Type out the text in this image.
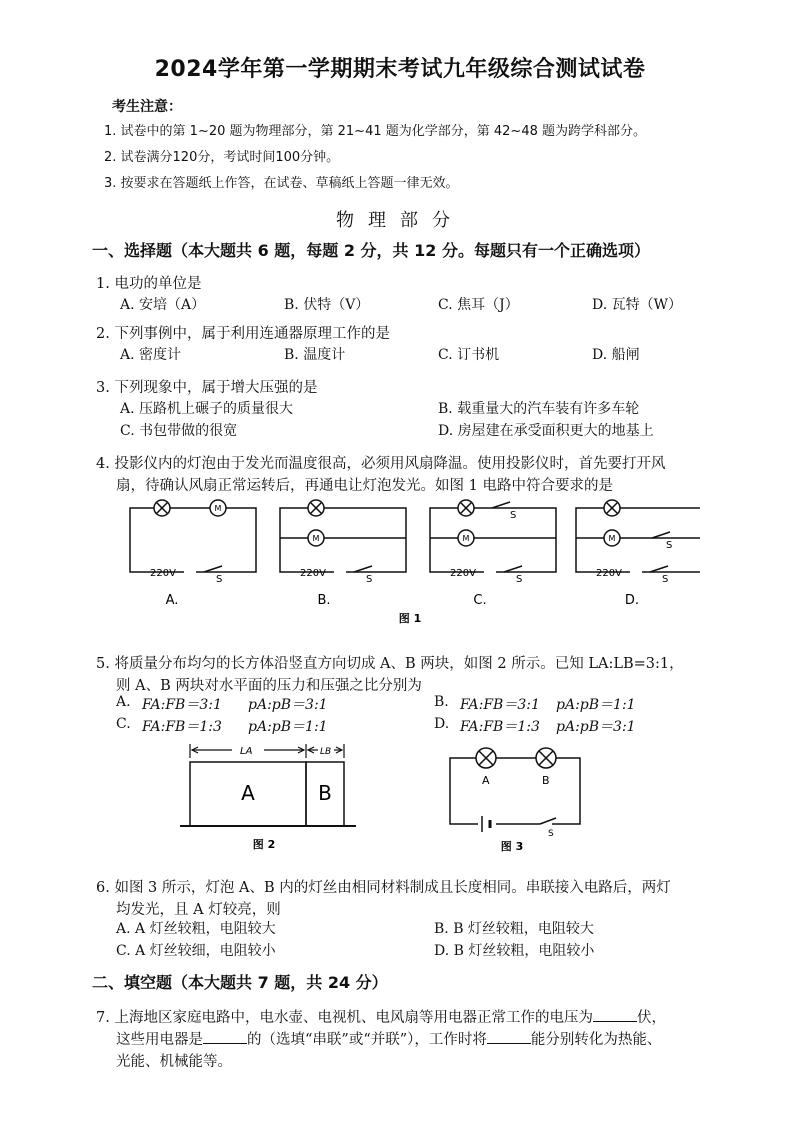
2024学年第一学期期末考试九年级综合测试试卷
考生注意：
1. 试卷中的第 1~20 题为物理部分，第 21~41 题为化学部分，第 42~48 题为跨学科部分。
2. 试卷满分120分，考试时间100分钟。
3. 按要求在答题纸上作答，在试卷、草稿纸上答题一律无效。
物理部分
一、选择题（本大题共 6 题，每题 2 分，共 12 分。每题只有一个正确选项）
1. 电功的单位是
A. 安培（A）	B. 伏特（V）	C. 焦耳（J）	D. 瓦特（W）
2. 下列事例中，属于利用连通器原理工作的是
A. 密度计	B. 温度计	C. 订书机	D. 船闸
3. 下列现象中，属于增大压强的是
A. 压路机上碾子的质量很大	B. 载重量大的汽车装有许多车轮
C. 书包带做的很宽	D. 房屋建在承受面积更大的地基上
4. 投影仪内的灯泡由于发光而温度很高，必须用风扇降温。使用投影仪时，首先要打开风
扇，待确认风扇正常运转后，再通电让灯泡发光。如图 1 电路中符合要求的是
M
M	M	M
220V	220V	220V	220V
S	S	S	S
S
S
A.	B.	C.	D.
图 1
5. 将质量分布均匀的长方体沿竖直方向切成 A、B 两块，如图 2 所示。已知 LA:LB=3:1，
则 A、B 两块对水平面的压力和压强之比分别为
A. FA:FB＝3:1 pA:pB＝3:1	B. FA:FB＝3:1 pA:pB＝1:1
C. FA:FB＝1:3 pA:pB＝1:1	D. FA:FB＝1:3 pA:pB＝3:1
LA	LB
A	B
图 2
A	B
S
图 3
6. 如图 3 所示，灯泡 A、B 内的灯丝由相同材料制成且长度相同。串联接入电路后，两灯
均发光，且 A 灯较亮，则
A. A 灯丝较粗，电阻较大	B. B 灯丝较粗，电阻较大
C. A 灯丝较细，电阻较小	D. B 灯丝较粗，电阻较小
二、填空题（本大题共 7 题，共 24 分）
7. 上海地区家庭电路中，电水壶、电视机、电风扇等用电器正常工作的电压为	伏，
这些用电器是	的（选填“串联”或“并联”），工作时将	能分别转化为热能、
光能、机械能等。
